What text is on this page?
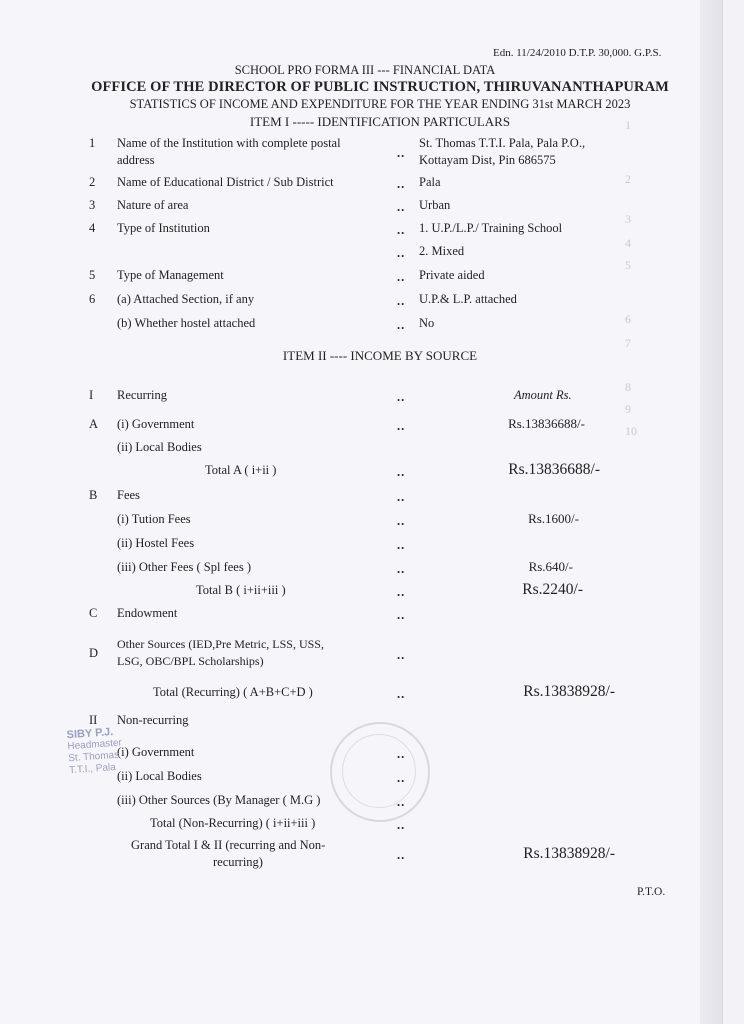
1
2
3
4
5
6
7
8
9
10
Edn. 11/24/2010 D.T.P. 30,000. G.P.S.
SCHOOL PRO FORMA III --- FINANCIAL DATA
OFFICE OF THE DIRECTOR OF PUBLIC INSTRUCTION, THIRUVANANTHAPURAM
STATISTICS OF INCOME AND EXPENDITURE FOR THE YEAR ENDING 31st MARCH 2023
ITEM I ----- IDENTIFICATION PARTICULARS
1 Name of the Institution with complete postal
address	..
St. Thomas T.T.I. Pala, Pala P.O.,
Kottayam Dist, Pin 686575
2 Name of Educational District / Sub District	.. Pala
3 Nature of area	.. Urban
4 Type of Institution	.. 1. U.P./L.P./ Training School
.. 2. Mixed
5 Type of Management	.. Private aided
6 (a) Attached Section, if any	.. U.P.& L.P. attached
(b) Whether hostel attached	.. No
ITEM II ---- INCOME BY SOURCE
I Recurring	..	Amount Rs.
A (i) Government	..	Rs.13836688/-
(ii) Local Bodies
Total A ( i+ii )	..	Rs.13836688/-
B Fees	..
(i) Tution Fees	..	Rs.1600/-
(ii) Hostel Fees	..
(iii) Other Fees ( Spl fees )	..	Rs.640/-
Total B ( i+ii+iii )	..	Rs.2240/-
C Endowment	..
D
Other Sources (IED,Pre Metric, LSS, USS,
LSG, OBC/BPL Scholarships)	..
Total (Recurring) ( A+B+C+D )	..	Rs.13838928/-
II Non-recurring
(i) Government	..
(ii) Local Bodies	..
(iii) Other Sources (By Manager ( M.G )	..
Total (Non-Recurring) ( i+ii+iii )	..
Grand Total I & II (recurring and Non-
recurring)	..	Rs.13838928/-
SIBY P.J.
Headmaster
St. Thomas
T.T.I., Pala
P.T.O.
